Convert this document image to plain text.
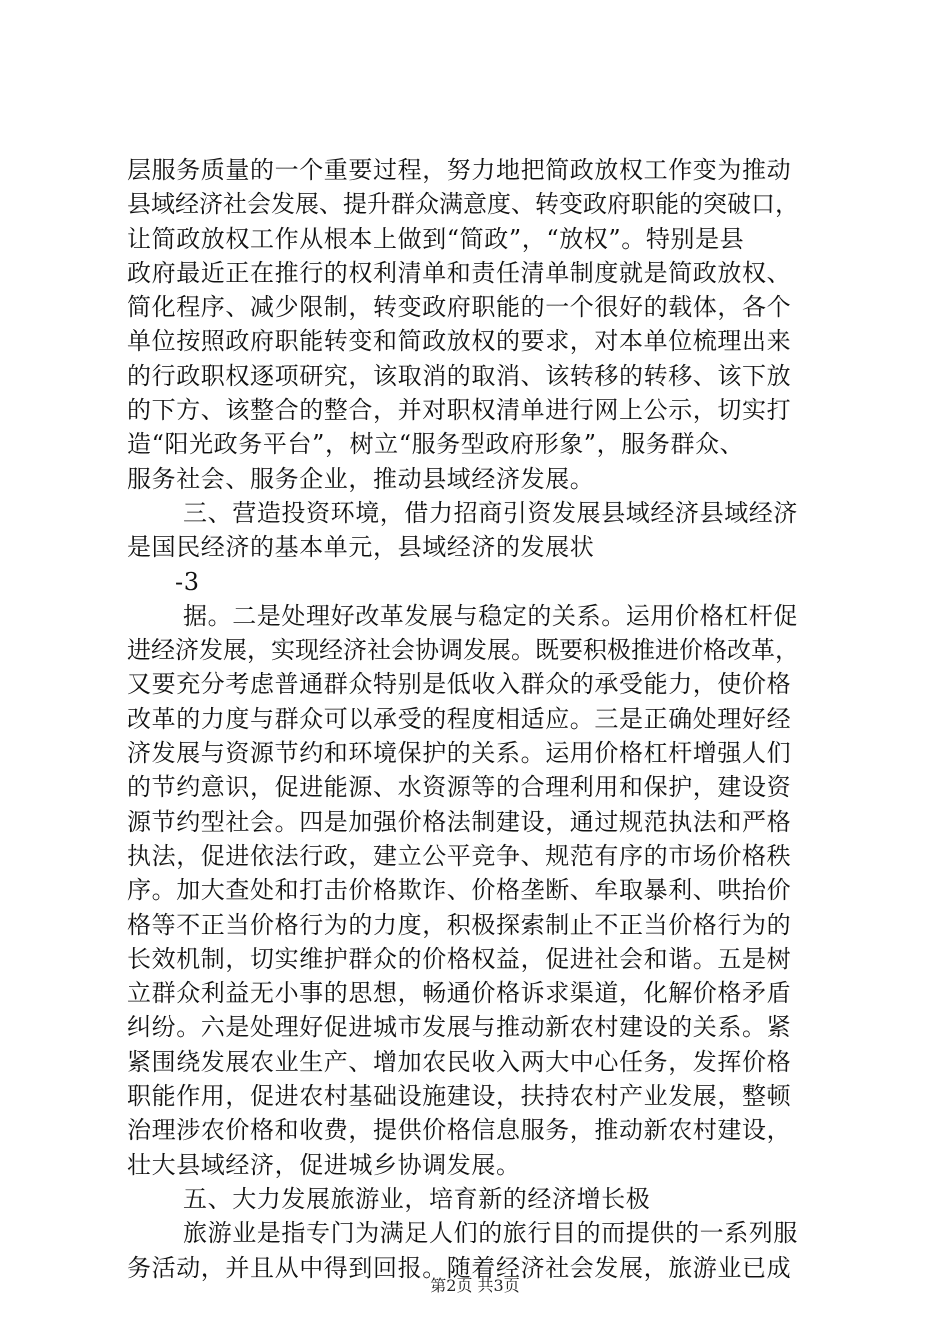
层服务质量的一个重要过程，努力地把简政放权工作变为推动
县域经济社会发展、提升群众满意度、转变政府职能的突破口，
让简政放权工作从根本上做到“简政”，“放权”。特别是县
政府最近正在推行的权利清单和责任清单制度就是简政放权、
简化程序、减少限制，转变政府职能的一个很好的载体，各个
单位按照政府职能转变和简政放权的要求，对本单位梳理出来
的行政职权逐项研究，该取消的取消、该转移的转移、该下放
的下方、该整合的整合，并对职权清单进行网上公示，切实打
造“阳光政务平台”，树立“服务型政府形象”，服务群众、
服务社会、服务企业，推动县域经济发展。
三、营造投资环境，借力招商引资发展县域经济县域经济
是国民经济的基本单元，县域经济的发展状
-3
据。二是处理好改革发展与稳定的关系。运用价格杠杆促
进经济发展，实现经济社会协调发展。既要积极推进价格改革，
又要充分考虑普通群众特别是低收入群众的承受能力，使价格
改革的力度与群众可以承受的程度相适应。三是正确处理好经
济发展与资源节约和环境保护的关系。运用价格杠杆增强人们
的节约意识，促进能源、水资源等的合理利用和保护，建设资
源节约型社会。四是加强价格法制建设，通过规范执法和严格
执法，促进依法行政，建立公平竞争、规范有序的市场价格秩
序。加大查处和打击价格欺诈、价格垄断、牟取暴利、哄抬价
格等不正当价格行为的力度，积极探索制止不正当价格行为的
长效机制，切实维护群众的价格权益，促进社会和谐。五是树
立群众利益无小事的思想，畅通价格诉求渠道，化解价格矛盾
纠纷。六是处理好促进城市发展与推动新农村建设的关系。紧
紧围绕发展农业生产、增加农民收入两大中心任务，发挥价格
职能作用，促进农村基础设施建设，扶持农村产业发展，整顿
治理涉农价格和收费，提供价格信息服务，推动新农村建设，
壮大县域经济，促进城乡协调发展。
五、大力发展旅游业，培育新的经济增长极
旅游业是指专门为满足人们的旅行目的而提供的一系列服
务活动，并且从中得到回报。随着经济社会发展，旅游业已成
第2页 共3页
